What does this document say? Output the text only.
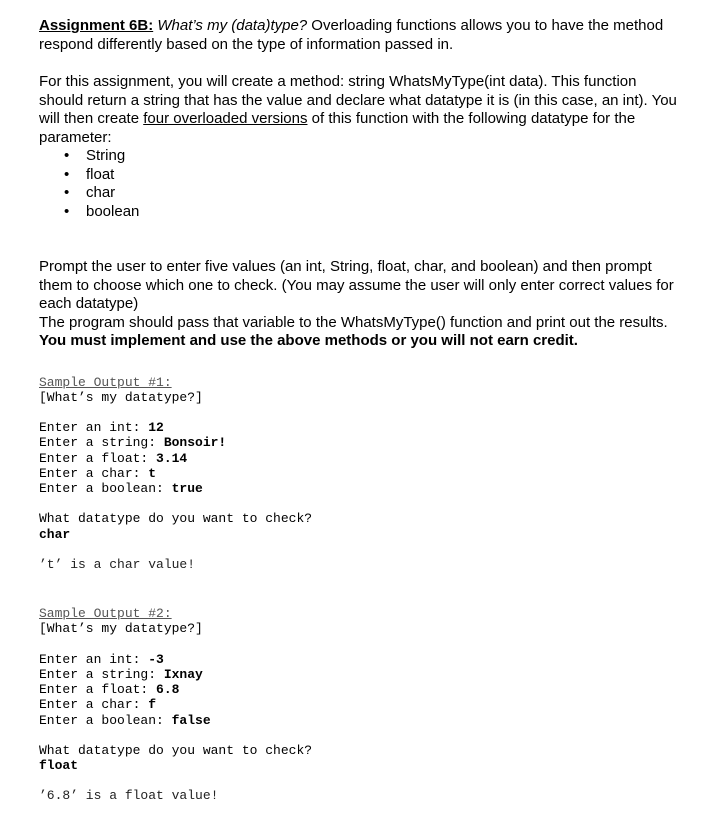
Assignment 6B: What’s my (data)type? Overloading functions allows you to have the method respond differently based on the type of information passed in.

For this assignment, you will create a method: string WhatsMyType(int data). This function should return a string that has the value and declare what datatype it is (in this case, an int). You will then create four overloaded versions of this function with the following datatype for the parameter:

• String
• float
• char
• boolean

Prompt the user to enter five values (an int, String, float, char, and boolean) and then prompt them to choose which one to check. (You may assume the user will only enter correct values for each datatype)
The program should pass that variable to the WhatsMyType() function and print out the results. You must implement and use the above methods or you will not earn credit.

Sample Output #1:
[What’s my datatype?]

Enter an int: 12
Enter a string: Bonsoir!
Enter a float: 3.14
Enter a char: t
Enter a boolean: true

What datatype do you want to check?
char

’t’ is a char value!
Sample Output #2:
[What’s my datatype?]

Enter an int: -3
Enter a string: Ixnay
Enter a float: 6.8
Enter a char: f
Enter a boolean: false

What datatype do you want to check?
float

’6.8’ is a float value!
